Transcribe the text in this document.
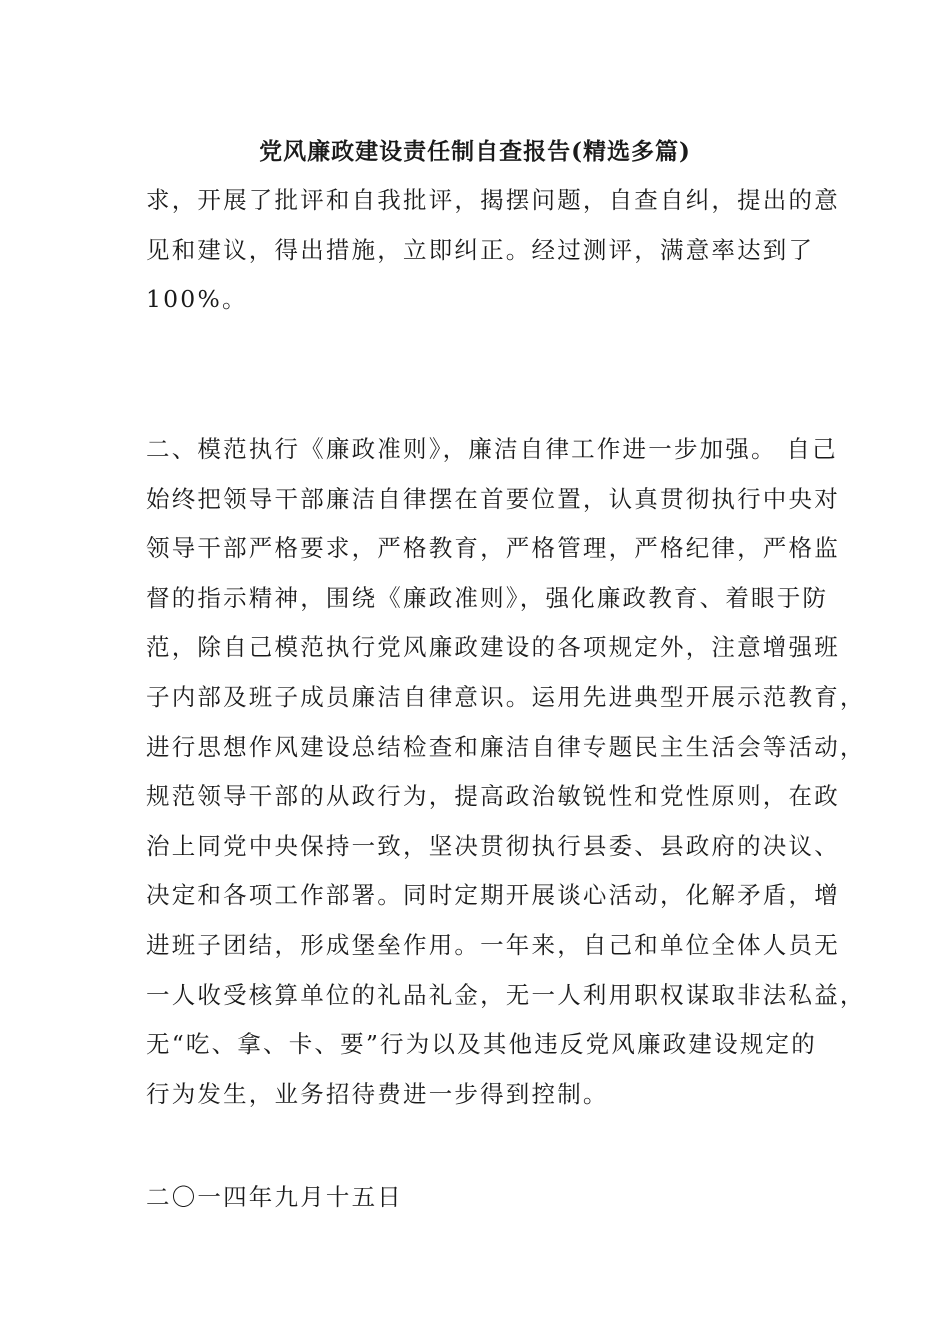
党风廉政建设责任制自查报告(精选多篇)
求，开展了批评和自我批评，揭摆问题，自查自纠，提出的意
见和建议，得出措施，立即纠正。经过测评，满意率达到了
100%。
二、模范执行《廉政准则》，廉洁自律工作进一步加强。 自己
始终把领导干部廉洁自律摆在首要位置，认真贯彻执行中央对
领导干部严格要求，严格教育，严格管理，严格纪律，严格监
督的指示精神，围绕《廉政准则》，强化廉政教育、着眼于防
范，除自己模范执行党风廉政建设的各项规定外，注意增强班
子内部及班子成员廉洁自律意识。运用先进典型开展示范教育，
进行思想作风建设总结检查和廉洁自律专题民主生活会等活动，
规范领导干部的从政行为，提高政治敏锐性和党性原则，在政
治上同党中央保持一致，坚决贯彻执行县委、县政府的决议、
决定和各项工作部署。同时定期开展谈心活动，化解矛盾，增
进班子团结，形成堡垒作用。一年来，自己和单位全体人员无
一人收受核算单位的礼品礼金，无一人利用职权谋取非法私益，
无“吃、拿、卡、要”行为以及其他违反党风廉政建设规定的
行为发生，业务招待费进一步得到控制。
二〇一四年九月十五日
